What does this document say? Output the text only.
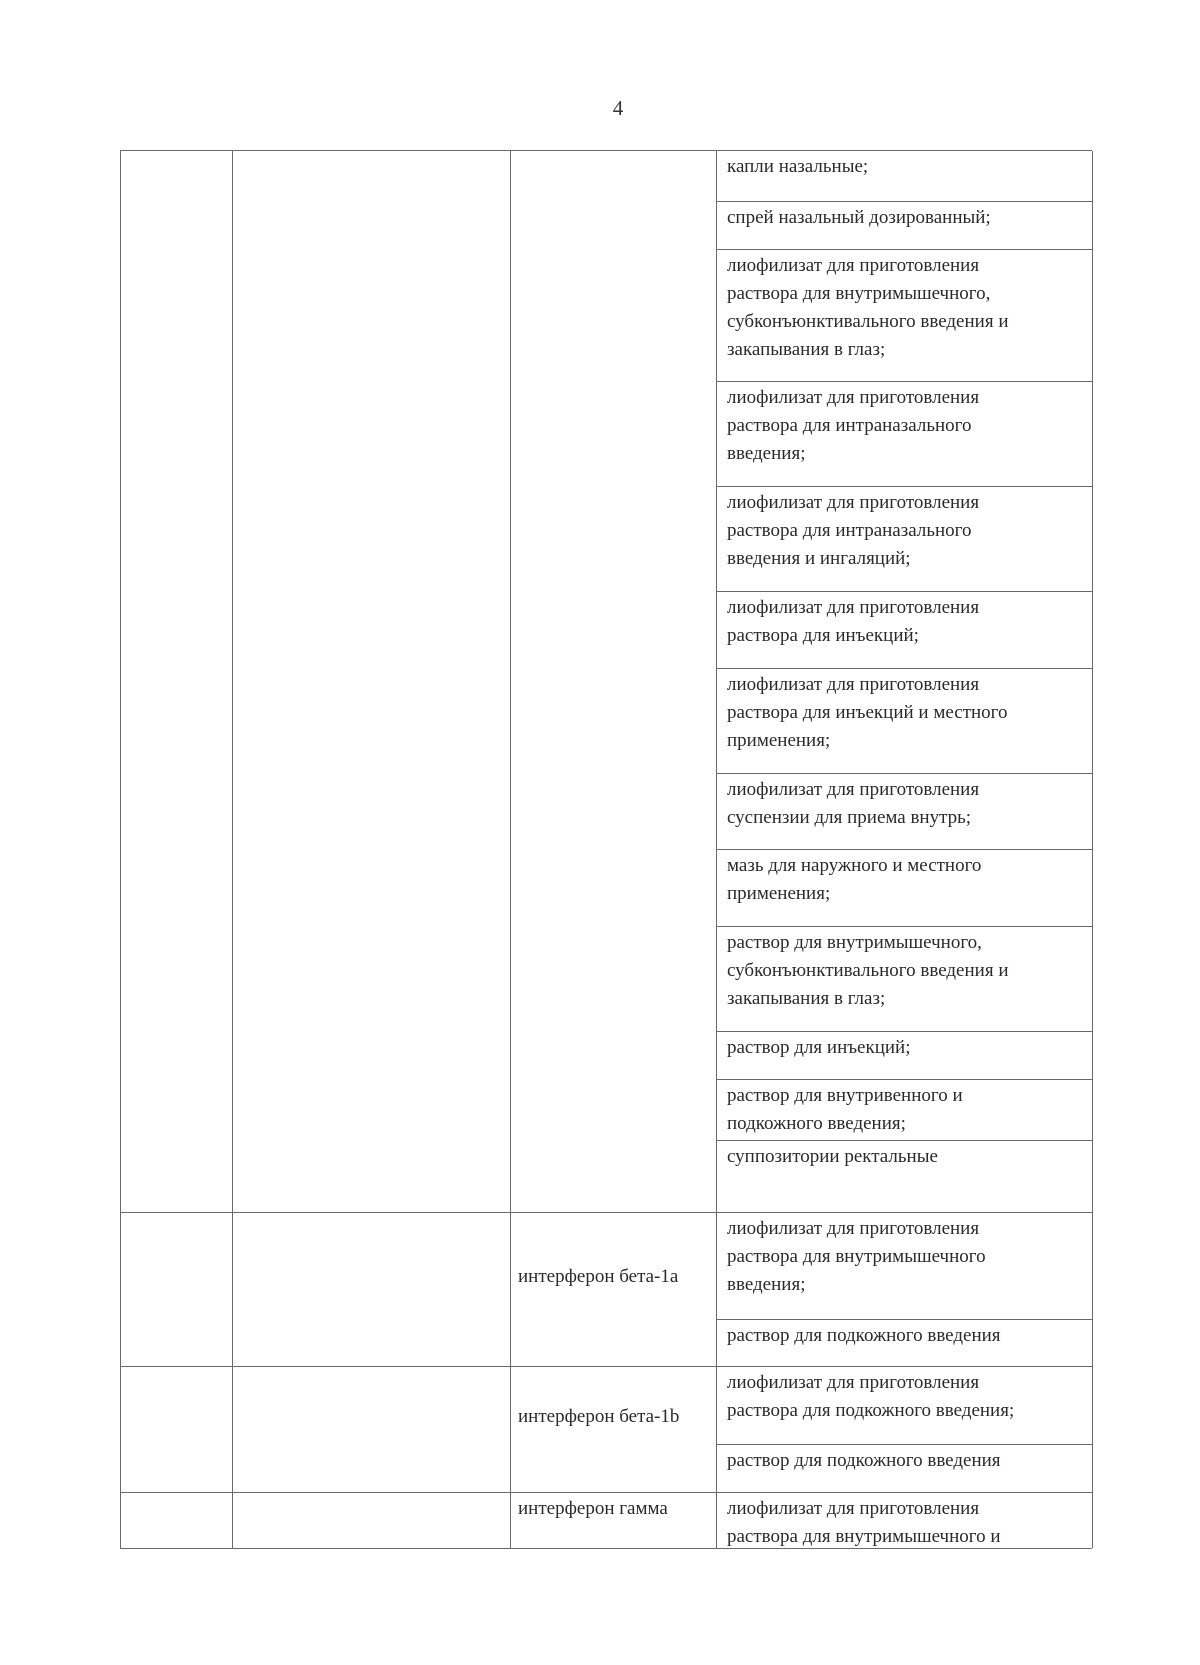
4
капли назальные;
спрей назальный дозированный;
лиофилизат для приготовления
раствора для внутримышечного,
субконъюнктивального введения и
закапывания в глаз;
лиофилизат для приготовления
раствора для интраназального
введения;
лиофилизат для приготовления
раствора для интраназального
введения и ингаляций;
лиофилизат для приготовления
раствора для инъекций;
лиофилизат для приготовления
раствора для инъекций и местного
применения;
лиофилизат для приготовления
суспензии для приема внутрь;
мазь для наружного и местного
применения;
раствор для внутримышечного,
субконъюнктивального введения и
закапывания в глаз;
раствор для инъекций;
раствор для внутривенного и
подкожного введения;
интерферон бета-1a
лиофилизат для приготовления
раствора для внутримышечного
введения;
раствор для подкожного введения
интерферон бета-1b
лиофилизат для приготовления
раствора для подкожного введения;
раствор для подкожного введения
интерферон гамма	лиофилизат для приготовления
раствора для внутримышечного и
суппозитории ректальные
